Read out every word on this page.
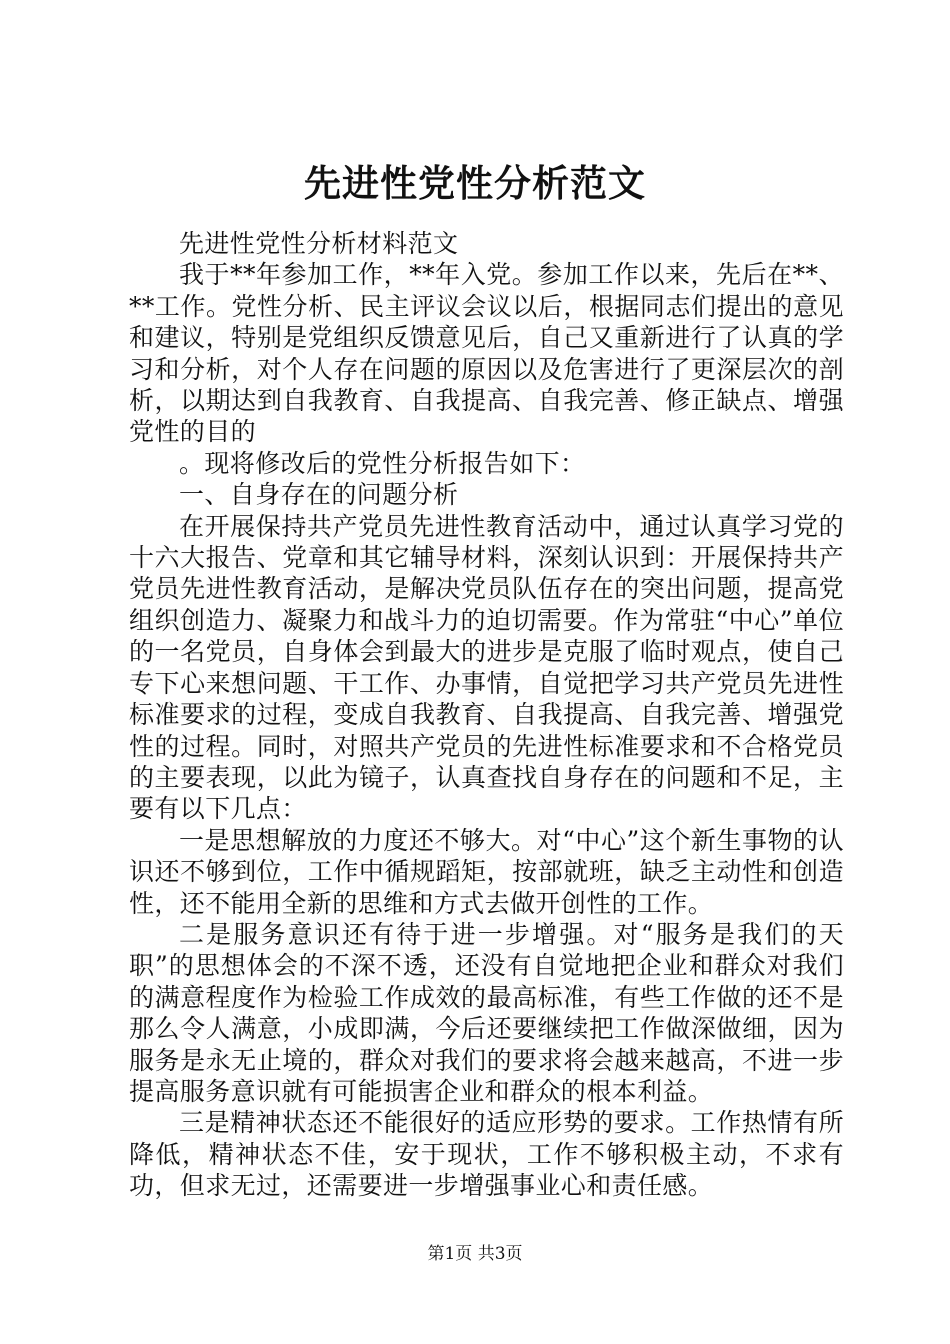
先进性党性分析范文

先进性党性分析材料范文

我于**年参加工作，**年入党。参加工作以来，先后在**、**工作。党性分析、民主评议会议以后，根据同志们提出的意见和建议，特别是党组织反馈意见后，自己又重新进行了认真的学习和分析，对个人存在问题的原因以及危害进行了更深层次的剖析，以期达到自我教育、自我提高、自我完善、修正缺点、增强党性的目的

。现将修改后的党性分析报告如下：

一、自身存在的问题分析

在开展保持共产党员先进性教育活动中，通过认真学习党的十六大报告、党章和其它辅导材料，深刻认识到：开展保持共产党员先进性教育活动，是解决党员队伍存在的突出问题，提高党组织创造力、凝聚力和战斗力的迫切需要。作为常驻“中心”单位的一名党员，自身体会到最大的进步是克服了临时观点，使自己专下心来想问题、干工作、办事情，自觉把学习共产党员先进性标准要求的过程，变成自我教育、自我提高、自我完善、增强党性的过程。同时，对照共产党员的先进性标准要求和不合格党员的主要表现，以此为镜子，认真查找自身存在的问题和不足，主要有以下几点：

一是思想解放的力度还不够大。对“中心”这个新生事物的认识还不够到位，工作中循规蹈矩，按部就班，缺乏主动性和创造性，还不能用全新的思维和方式去做开创性的工作。

二是服务意识还有待于进一步增强。对“服务是我们的天职”的思想体会的不深不透，还没有自觉地把企业和群众对我们的满意程度作为检验工作成效的最高标准，有些工作做的还不是那么令人满意，小成即满，今后还要继续把工作做深做细，因为服务是永无止境的，群众对我们的要求将会越来越高，不进一步提高服务意识就有可能损害企业和群众的根本利益。

三是精神状态还不能很好的适应形势的要求。工作热情有所降低，精神状态不佳，安于现状，工作不够积极主动，不求有功，但求无过，还需要进一步增强事业心和责任感。

第1页 共3页
